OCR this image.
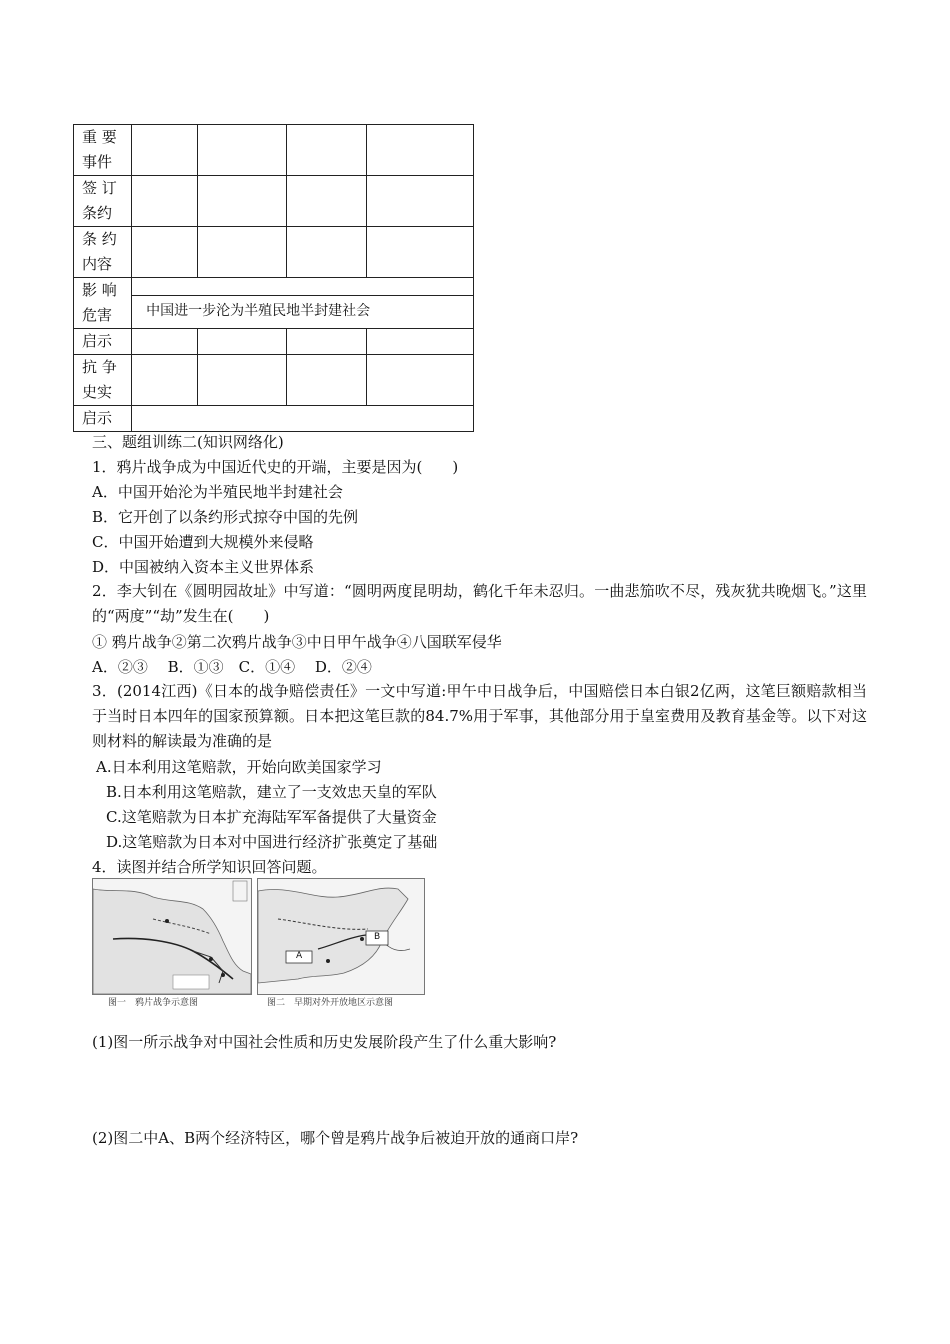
重 要
事件				

签 订
条约				

条 约
内容				

影 响
危害	中国进一步沦为半殖民地半封建社会			

启示				

抗 争
史实				

启示				

三、题组训练二(知识网络化)
1．鸦片战争成为中国近代史的开端，主要是因为(　　)
A．中国开始沦为半殖民地半封建社会
B．它开创了以条约形式掠夺中国的先例
C．中国开始遭到大规模外来侵略
D．中国被纳入资本主义世界体系
2．李大钊在《圆明园故址》中写道：“圆明两度昆明劫，鹤化千年未忍归。一曲悲笳吹不尽，残灰犹共晚烟飞。”这里的“两度”“劫”发生在(　　)
① 鸦片战争②第二次鸦片战争③中日甲午战争④八国联军侵华
A．②③　 B．①③　C．①④　 D．②④
3．(2014江西)《日本的战争赔偿责任》一文中写道:甲午中日战争后，中国赔偿日本白银2亿两，这笔巨额赔款相当于当时日本四年的国家预算额。日本把这笔巨款的84.7%用于军事，其他部分用于皇室费用及教育基金等。以下对这则材料的解读最为准确的是
A.日本利用这笔赔款，开始向欧美国家学习
B.日本利用这笔赔款，建立了一支效忠天皇的军队
C.这笔赔款为日本扩充海陆军军备提供了大量资金
D.这笔赔款为日本对中国进行经济扩张奠定了基础
4．读图并结合所学知识回答问题。
B
A
图一　鸦片战争示意图	图二　早期对外开放地区示意图
(1)图一所示战争对中国社会性质和历史发展阶段产生了什么重大影响?
(2)图二中A、B两个经济特区，哪个曾是鸦片战争后被迫开放的通商口岸?
